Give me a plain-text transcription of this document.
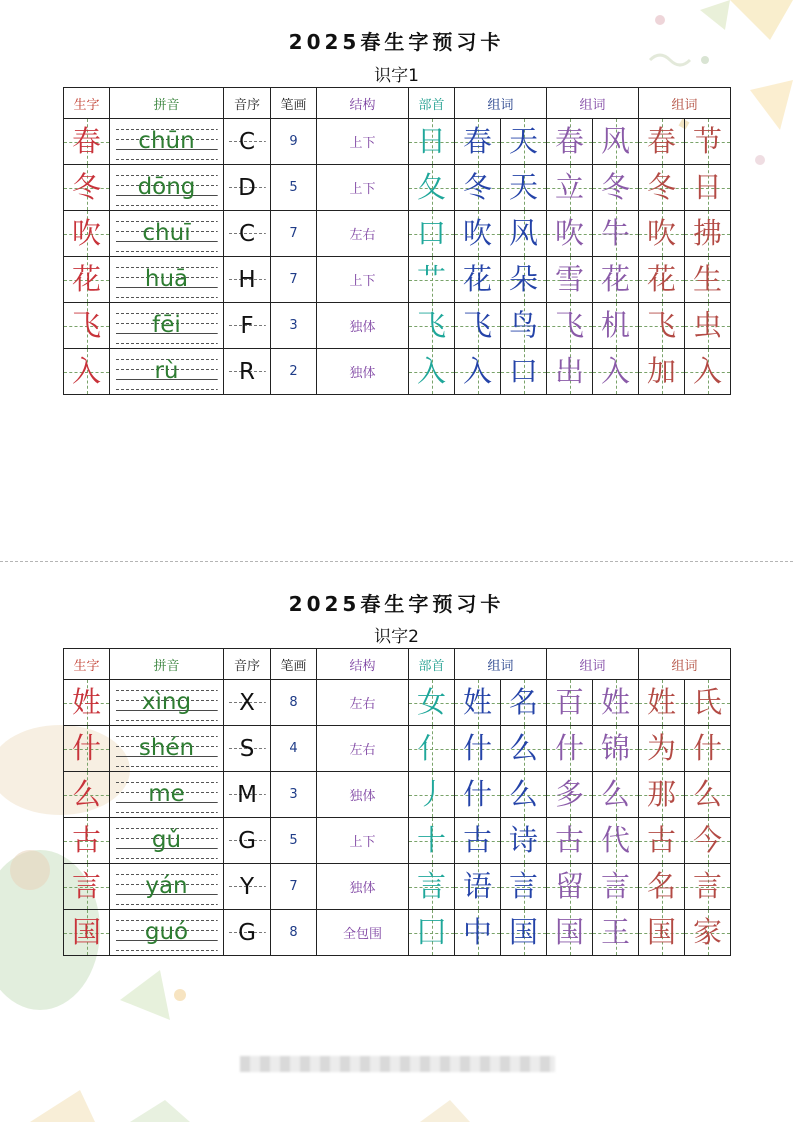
2025春生字预习卡
识字1
生字	拼音	音序	笔画	结构	部首	组词		组词		组词	
春	chūn	C	9	上下	日	春	天	春	风	春	节
冬	dōng	D	5	上下	夂	冬	天	立	冬	冬	日
吹	chuī	C	7	左右	口	吹	风	吹	牛	吹	拂
花	huā	H	7	上下	艹	花	朵	雪	花	花	生
飞	fēi	F	3	独体	飞	飞	鸟	飞	机	飞	虫
入	rù	R	2	独体	入	入	口	出	入	加	入
2025春生字预习卡
识字2
生字	拼音	音序	笔画	结构	部首	组词		组词		组词	
姓	xìng	X	8	左右	女	姓	名	百	姓	姓	氏
什	shén	S	4	左右	亻	什	么	什	锦	为	什
么	me	M	3	独体	丿	什	么	多	么	那	么
古	gǔ	G	5	上下	十	古	诗	古	代	古	今
言	yán	Y	7	独体	言	语	言	留	言	名	言
国	guó	G	8	全包围	囗	中	国	国	王	国	家
